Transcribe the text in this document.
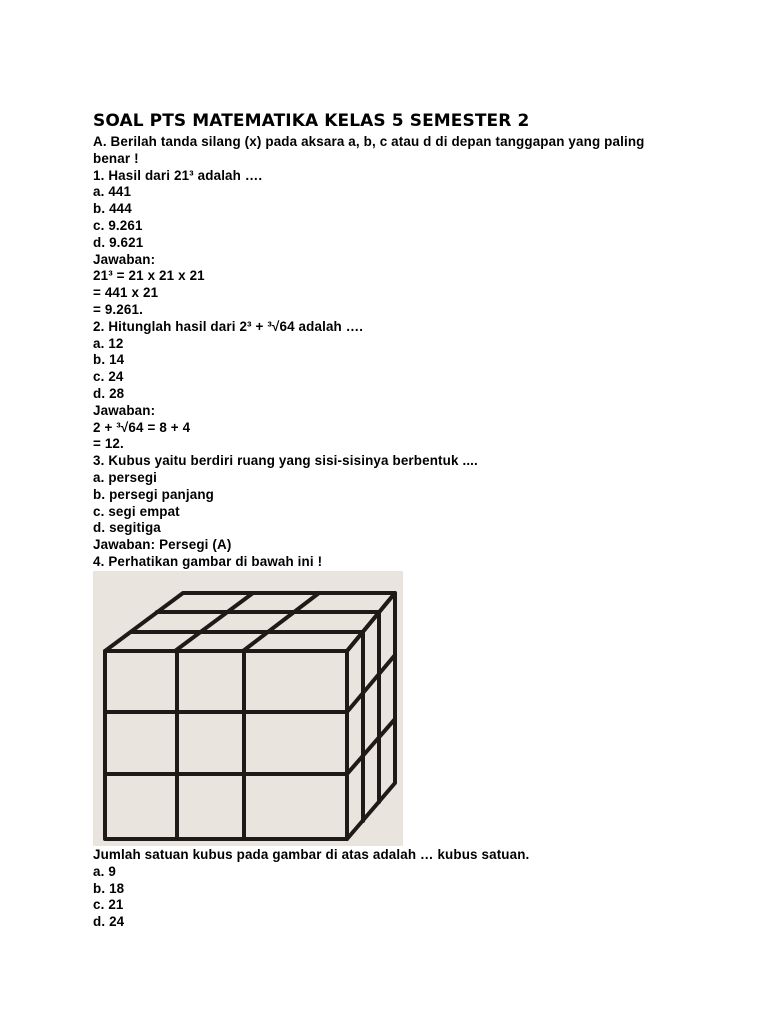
SOAL PTS MATEMATIKA KELAS 5 SEMESTER 2
A. Berilah tanda silang (x) pada aksara a, b, c atau d di depan tanggapan yang paling benar !
1. Hasil dari 21³ adalah ….
a. 441
b. 444
c. 9.261
d. 9.621
Jawaban:
21³ = 21 x 21 x 21
= 441 x 21
= 9.261.
2. Hitunglah hasil dari 2³ + ³√64 adalah ….
a. 12
b. 14
c. 24
d. 28
Jawaban:
2 + ³√64 = 8 + 4
= 12.
3. Kubus yaitu berdiri ruang yang sisi-sisinya berbentuk ....
a. persegi
b. persegi panjang
c. segi empat
d. segitiga
Jawaban: Persegi (A)
4. Perhatikan gambar di bawah ini !
Jumlah satuan kubus pada gambar di atas adalah … kubus satuan.
a. 9
b. 18
c. 21
d. 24
